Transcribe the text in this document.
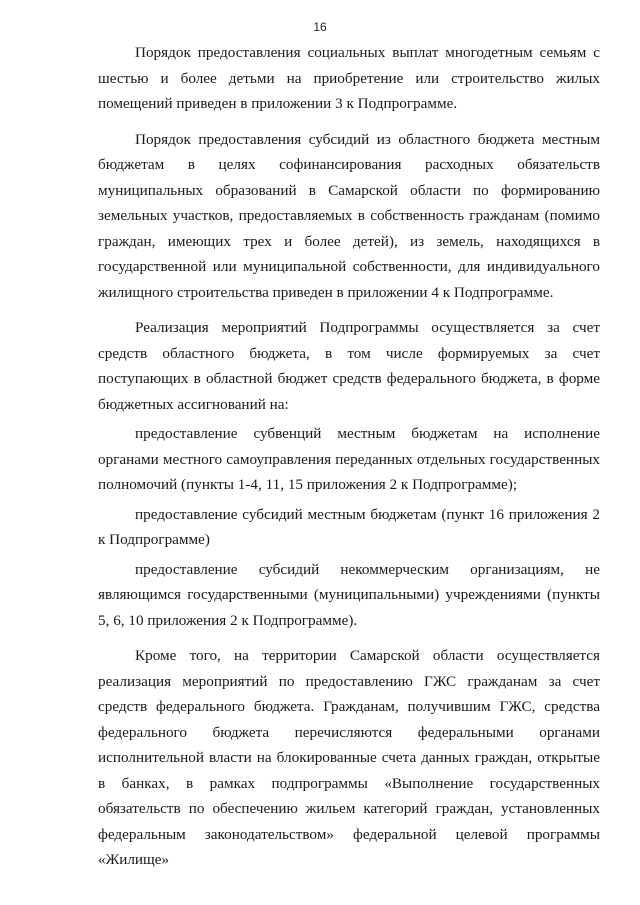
16

Порядок предоставления социальных выплат многодетным семьям с шестью и более детьми на приобретение или строительство жилых помещений приведен в приложении 3 к Подпрограмме.

Порядок предоставления субсидий из областного бюджета местным бюджетам в целях софинансирования расходных обязательств муниципальных образований в Самарской области по формированию земельных участков, предоставляемых в собственность гражданам (помимо граждан, имеющих трех и более детей), из земель, находящихся в государственной или муниципальной собственности, для индивидуального жилищного строительства приведен в приложении 4 к Подпрограмме.

Реализация мероприятий Подпрограммы осуществляется за счет средств областного бюджета, в том числе формируемых за счет поступающих в областной бюджет средств федерального бюджета, в форме бюджетных ассигнований на:

предоставление субвенций местным бюджетам на исполнение органами местного самоуправления переданных отдельных государственных полномочий (пункты 1-4, 11, 15 приложения 2 к Подпрограмме);

предоставление субсидий местным бюджетам (пункт 16 приложения 2 к Подпрограмме)

предоставление субсидий некоммерческим организациям, не являющимся государственными (муниципальными) учреждениями (пункты 5, 6, 10 приложения 2 к Подпрограмме).

Кроме того, на территории Самарской области осуществляется реализация мероприятий по предоставлению ГЖС гражданам за счет средств федерального бюджета. Гражданам, получившим ГЖС, средства федерального бюджета перечисляются федеральными органами исполнительной власти на блокированные счета данных граждан, открытые в банках, в рамках подпрограммы «Выполнение государственных обязательств по обеспечению жильем категорий граждан, установленных федеральным законодательством» федеральной целевой программы «Жилище»
